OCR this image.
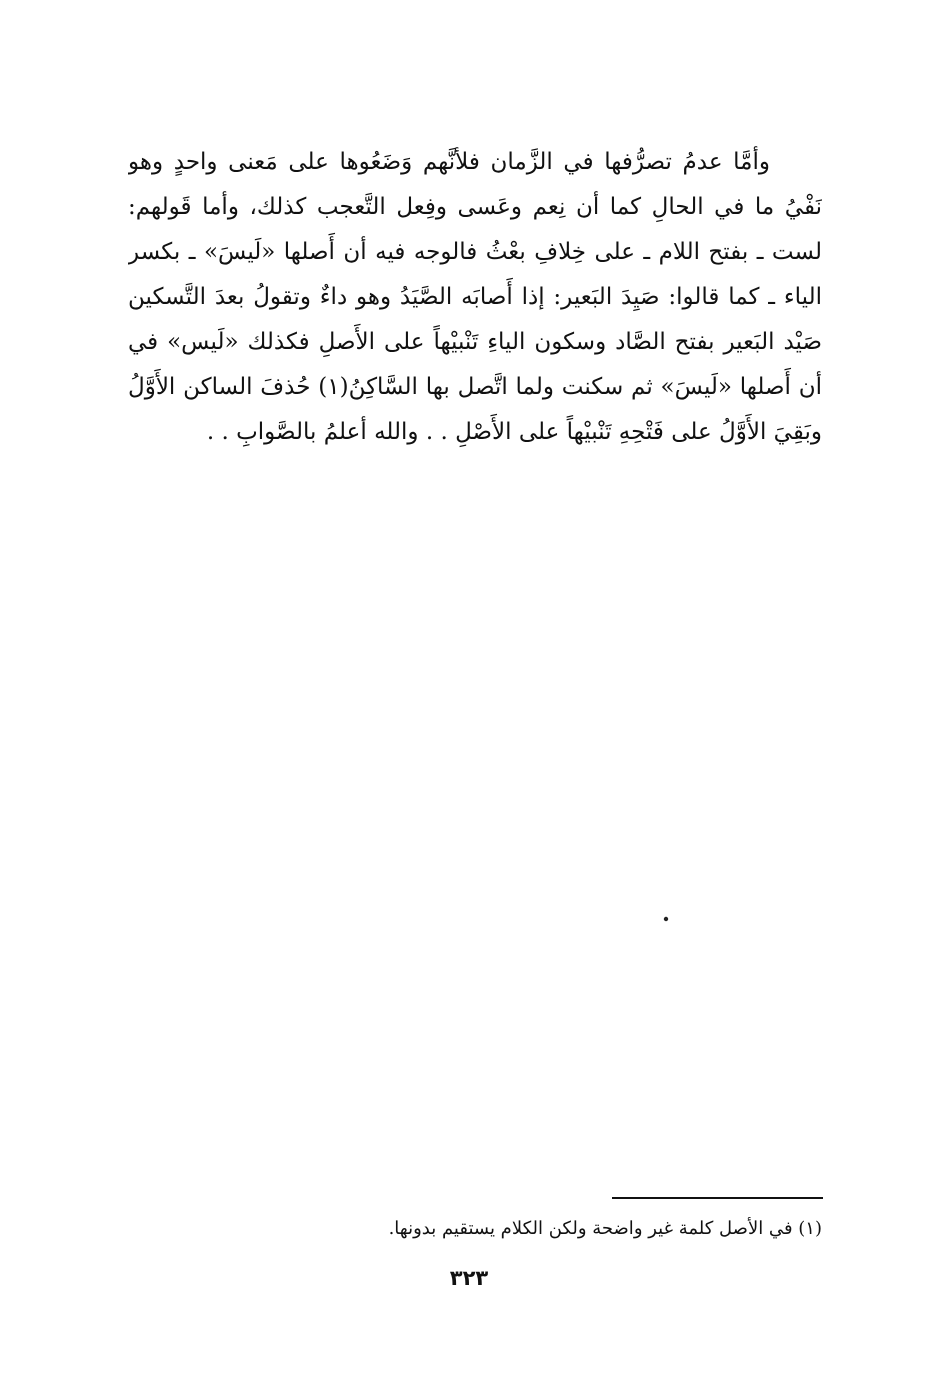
وأمَّا عدمُ تصرُّفها في الزَّمان فلأنَّهم وَضَعُوها على مَعنى واحدٍ وهو
نَفْيُ ما في الحالِ كما أن نِعم وعَسى وفِعل التَّعجب كذلك، وأما قَولهم:
لست ـ بفتح اللام ـ على خِلافِ بعْثُ فالوجه فيه أن أَصلها «لَيسَ» ـ بكسر
الياء ـ كما قالوا: صَيِدَ البَعير: إذا أَصابَه الصَّيَدُ وهو داءٌ وتقولُ بعدَ التَّسكين
صَيْد البَعير بفتح الصَّاد وسكون الياءِ تَنْبيْهاً على الأَصلِ فكذلك «لَيس» في
أن أَصلها «لَيسَ» ثم سكنت ولما اتَّصل بها السَّاكِنُ(١) حُذفَ الساكن الأَوَّلُ
وبَقِيَ الأَوَّلُ على فَتْحِهِ تَنْبيْهاً على الأَصْلِ . . والله أعلمُ بالصَّوابِ . .

(١) في الأصل كلمة غير واضحة ولكن الكلام يستقيم بدونها.

٣٢٣
